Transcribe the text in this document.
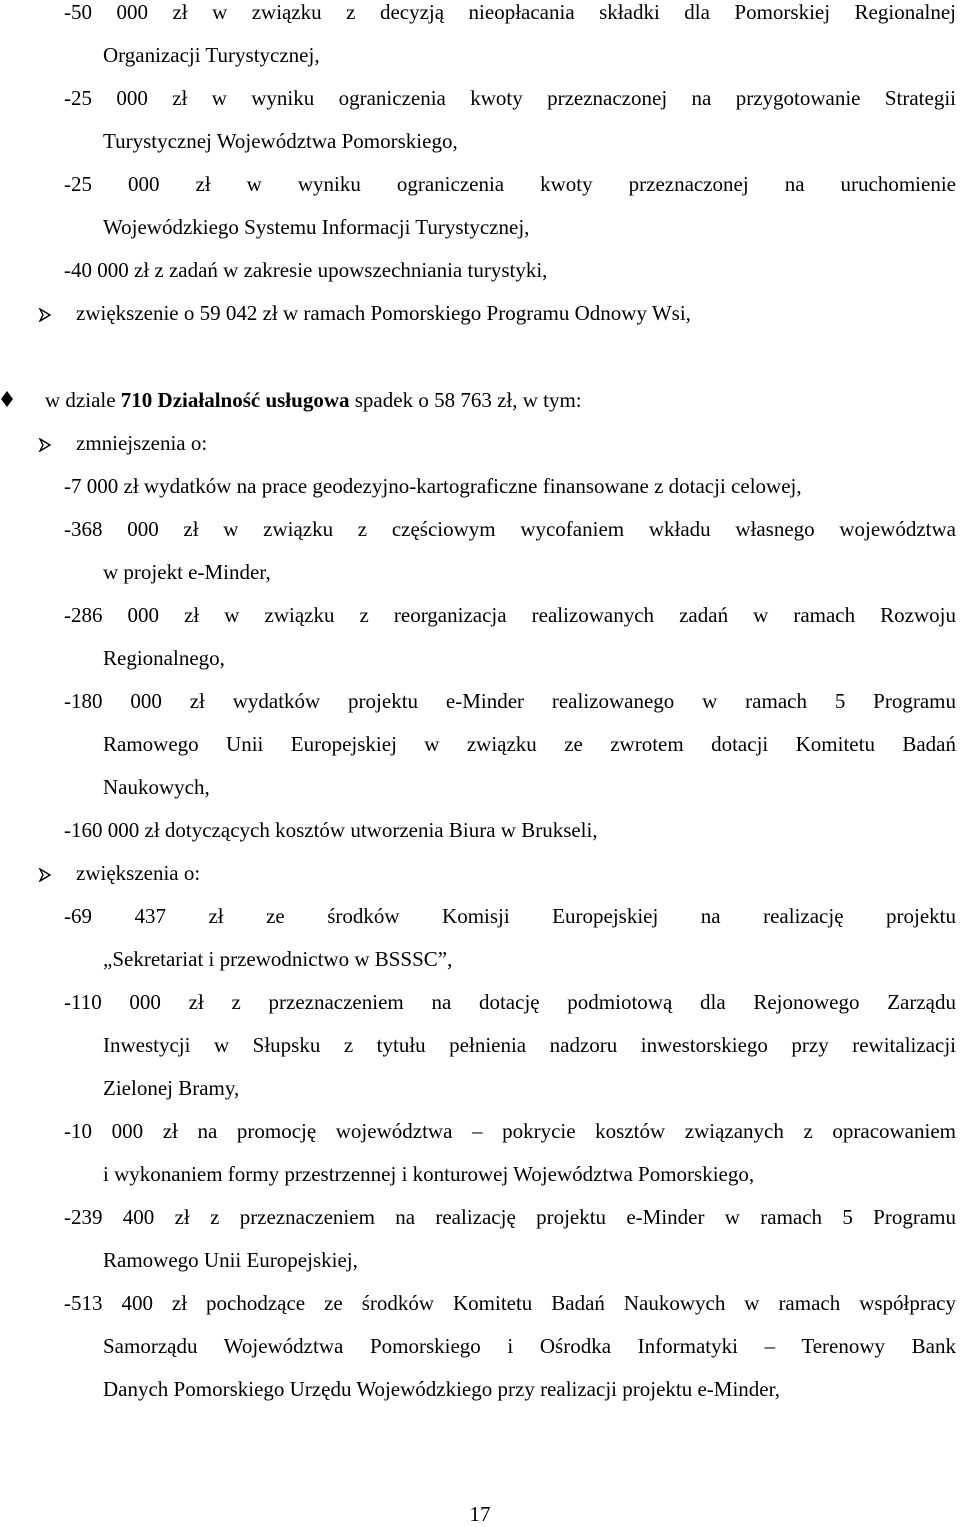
-50 000 zł w związku z decyzją nieopłacania składki dla Pomorskiej Regionalnej
Organizacji Turystycznej,
-25 000 zł w wyniku ograniczenia kwoty przeznaczonej na przygotowanie Strategii
Turystycznej Województwa Pomorskiego,
-25 000 zł w wyniku ograniczenia kwoty przeznaczonej na uruchomienie
Wojewódzkiego Systemu Informacji Turystycznej,
-40 000 zł z zadań w zakresie upowszechniania turystyki,
zwiększenie o 59 042 zł w ramach Pomorskiego Programu Odnowy Wsi,
w dziale 710 Działalność usługowa spadek o 58 763 zł, w tym:
zmniejszenia o:
-7 000 zł wydatków na prace geodezyjno-kartograficzne finansowane z dotacji celowej,
-368 000 zł w związku z częściowym wycofaniem wkładu własnego województwa
w projekt e-Minder,
-286 000 zł w związku z reorganizacja realizowanych zadań w ramach Rozwoju
Regionalnego,
-180 000 zł wydatków projektu e-Minder realizowanego w ramach 5 Programu
Ramowego Unii Europejskiej w związku ze zwrotem dotacji Komitetu Badań
Naukowych,
-160 000 zł dotyczących kosztów utworzenia Biura w Brukseli,
zwiększenia o:
-69 437 zł ze środków Komisji Europejskiej na realizację projektu
„Sekretariat i przewodnictwo w BSSSC”,
-110 000 zł z przeznaczeniem na dotację podmiotową dla Rejonowego Zarządu
Inwestycji w Słupsku z tytułu pełnienia nadzoru inwestorskiego przy rewitalizacji
Zielonej Bramy,
-10 000 zł na promocję województwa – pokrycie kosztów związanych z opracowaniem
i wykonaniem formy przestrzennej i konturowej Województwa Pomorskiego,
-239 400 zł z przeznaczeniem na realizację projektu e-Minder w ramach 5 Programu
Ramowego Unii Europejskiej,
-513 400 zł pochodzące ze środków Komitetu Badań Naukowych w ramach współpracy
Samorządu Województwa Pomorskiego i Ośrodka Informatyki – Terenowy Bank
Danych Pomorskiego Urzędu Wojewódzkiego przy realizacji projektu e-Minder,
17
